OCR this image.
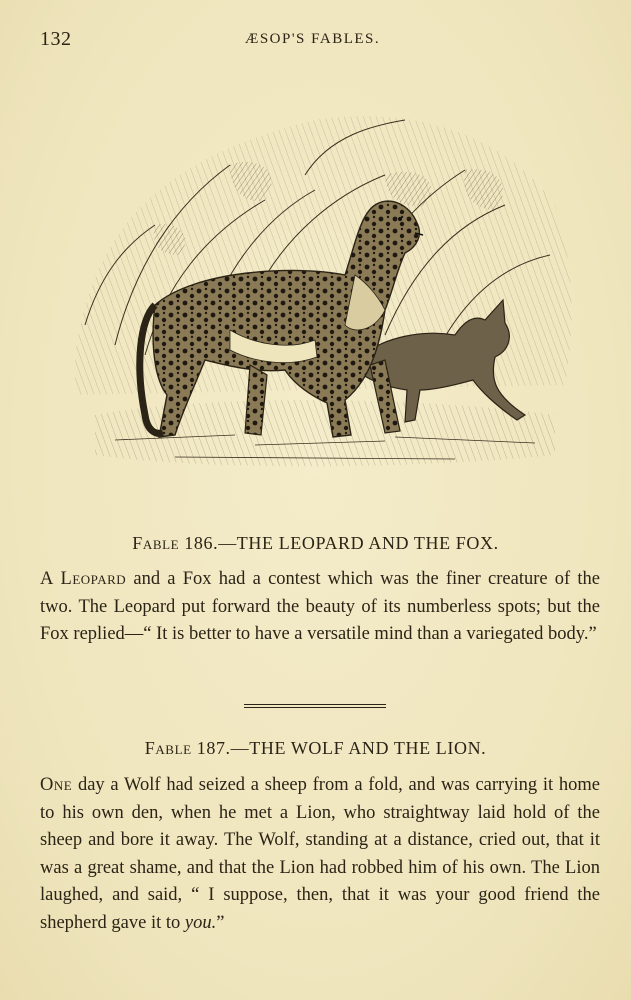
132	ÆSOP'S FABLES.
Fable 186.—THE LEOPARD AND THE FOX.
A Leopard and a Fox had a contest which was the finer creature of the two. The Leopard put forward the beauty of its numberless spots; but the Fox replied—“ It is better to have a versatile mind than a variegated body.”
Fable 187.—THE WOLF AND THE LION.
One day a Wolf had seized a sheep from a fold, and was carrying it home to his own den, when he met a Lion, who straightway laid hold of the sheep and bore it away. The Wolf, standing at a distance, cried out, that it was a great shame, and that the Lion had robbed him of his own. The Lion laughed, and said, “ I suppose, then, that it was your good friend the shepherd gave it to you.”
